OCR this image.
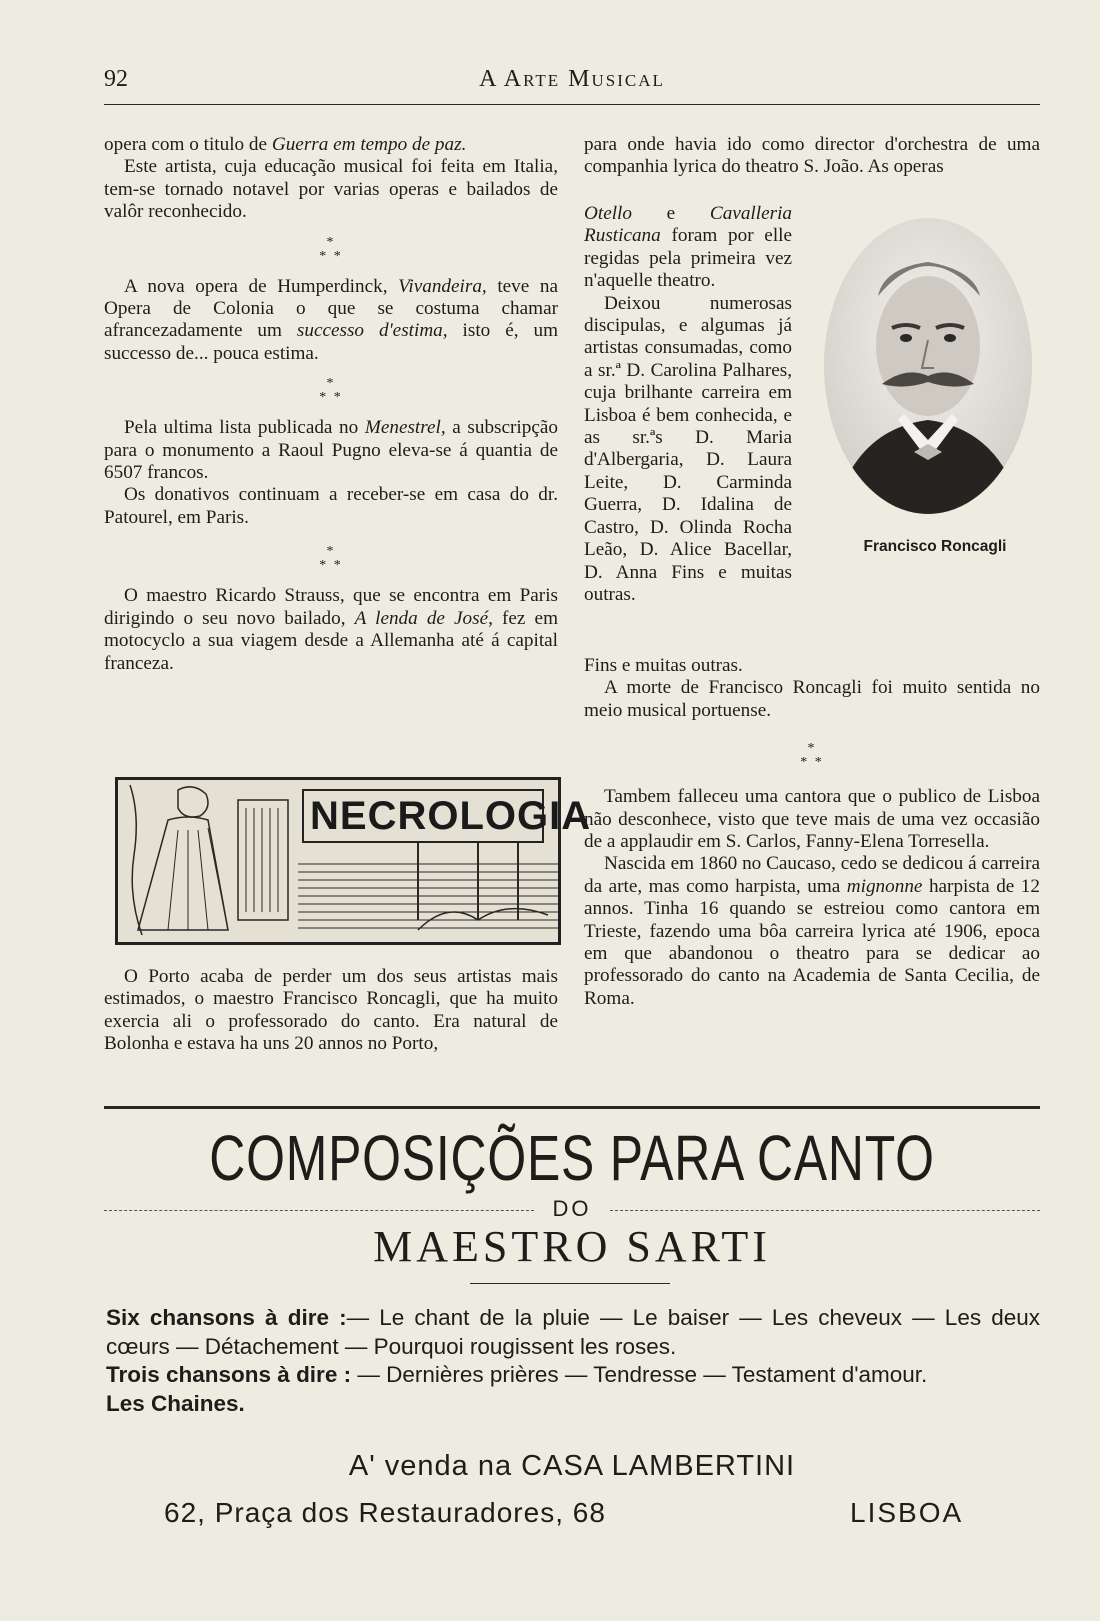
92	A Arte Musical

opera com o titulo de Guerra em tempo de paz.

Este artista, cuja educação musical foi feita em Italia, tem-se tornado notavel por varias operas e bailados de valôr reconhecido.

*
* *

A nova opera de Humperdinck, Vivandeira, teve na Opera de Colonia o que se costuma chamar afrancezadamente um successo d'estima, isto é, um successo de... pouca estima.

*
* *

Pela ultima lista publicada no Menestrel, a subscripção para o monumento a Raoul Pugno eleva-se á quantia de 6507 francos.

Os donativos continuam a receber-se em casa do dr. Patourel, em Paris.

*
* *

O maestro Ricardo Strauss, que se encontra em Paris dirigindo o seu novo bailado, A lenda de José, fez em motocyclo a sua viagem desde a Allemanha até á capital franceza.

NECROLOGIA

O Porto acaba de perder um dos seus artistas mais estimados, o maestro Francisco Roncagli, que ha muito exercia ali o professorado do canto. Era natural de Bolonha e estava ha uns 20 annos no Porto,

para onde havia ido como director d'orchestra de uma companhia lyrica do theatro S. João. As operas

Otello e Cavalleria Rusticana foram por elle regidas pela primeira vez n'aquelle theatro.

Deixou numerosas discipulas, e algumas já artistas consumadas, como a sr.ª D. Carolina Palhares, cuja brilhante carreira em Lisboa é bem conhecida, e as sr.ªs D. Maria d'Albergaria, D. Laura Leite, D. Carminda Guerra, D. Idalina de Castro, D. Olinda Rocha Leão, D. Alice Bacellar, D. Anna Fins e muitas outras.

Fins e muitas outras.

A morte de Francisco Roncagli foi muito sentida no meio musical portuense.

*
* *

Tambem falleceu uma cantora que o publico de Lisboa não desconhece, visto que teve mais de uma vez occasião de a applaudir em S. Carlos, Fanny-Elena Torresella.

Nascida em 1860 no Caucaso, cedo se dedicou á carreira da arte, mas como harpista, uma mignonne harpista de 12 annos. Tinha 16 quando se estreiou como cantora em Trieste, fazendo uma bôa carreira lyrica até 1906, epoca em que abandonou o theatro para se dedicar ao professorado do canto na Academia de Santa Cecilia, de Roma.

Francisco Roncagli
COMPOSIÇÕES PARA CANTO
DO
MAESTRO SARTI
Six chansons à dire :— Le chant de la pluie — Le baiser — Les cheveux — Les deux cœurs — Détachement — Pourquoi rougissent les roses.
Trois chansons à dire : — Dernières prières — Tendresse — Testament d'amour.
Les Chaines.
A' venda na CASA LAMBERTINI
62, Praça dos Restauradores, 68	LISBOA
